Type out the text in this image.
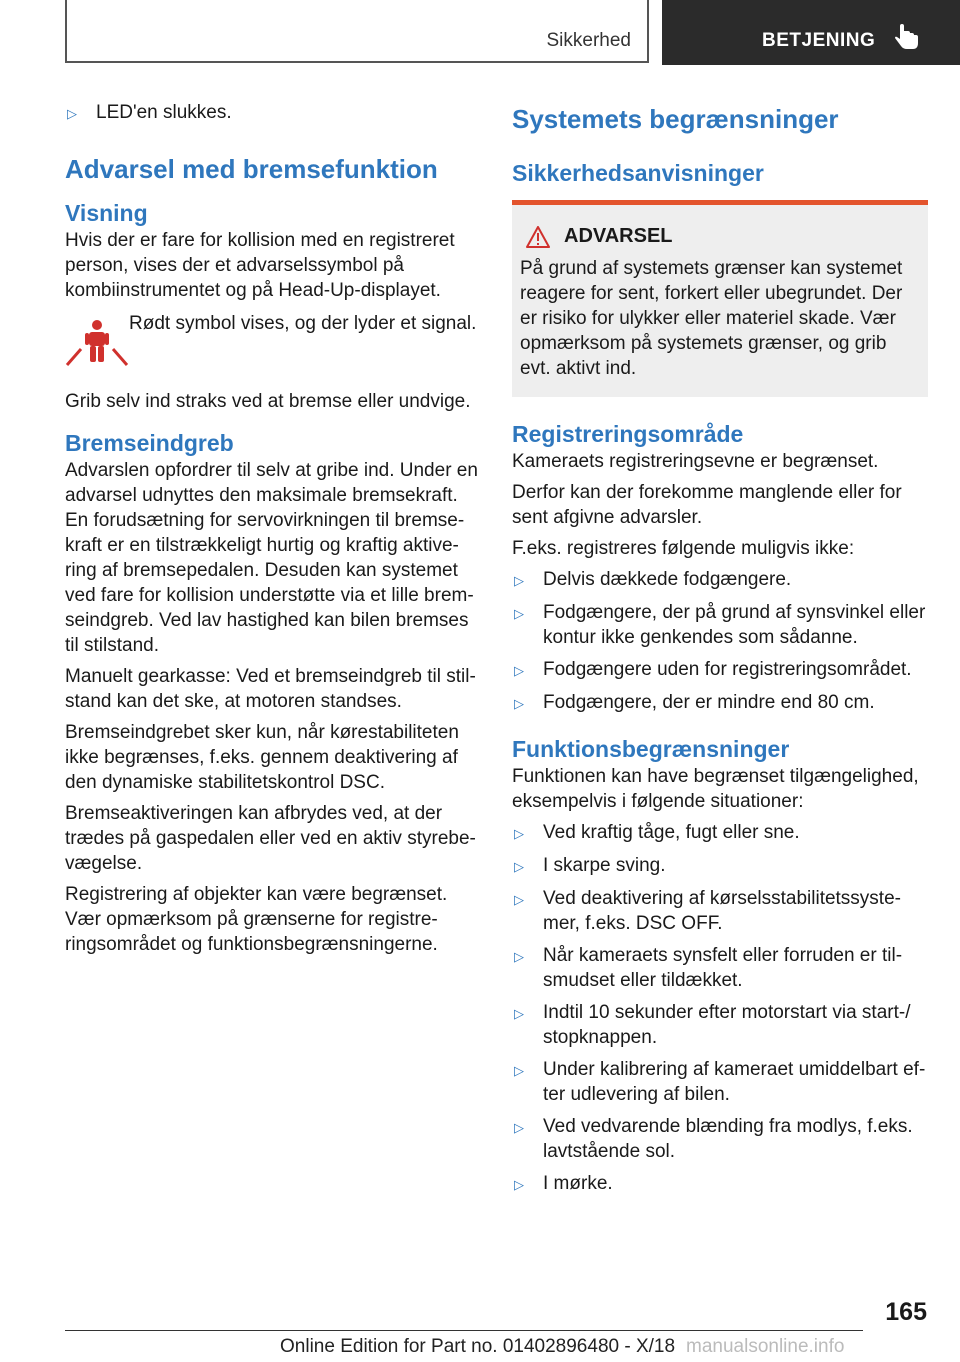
Sikkerhed	BETJENING
▷	LED'en slukkes.
Advarsel med bremsefunktion
Visning

Hvis der er fare for kollision med en registreret person, vises der et advarselssymbol på kombiinstrumentet og på Head-Up-displayet.

Rødt symbol vises, og der lyder et signal.

Grib selv ind straks ved at bremse eller undvige.

Bremseindgreb

Advarslen opfordrer til selv at gribe ind. Under en advarsel udnyttes den maksimale bremsekraft. En forudsætning for servovirkningen til bremsekraft er en tilstrækkeligt hurtig og kraftig aktivering af bremsepedalen. Desuden kan systemet ved fare for kollision understøtte via et lille bremseindgreb. Ved lav hastighed kan bilen bremses til stilstand.

Manuelt gearkasse: Ved et bremseindgreb til stilstand kan det ske, at motoren standses.

Bremseindgrebet sker kun, når kørestabiliteten ikke begrænses, f.eks. gennem deaktivering af den dynamiske stabilitetskontrol DSC.

Bremseaktiveringen kan afbrydes ved, at der trædes på gaspedalen eller ved en aktiv styrebevægelse.

Registrering af objekter kan være begrænset. Vær opmærksom på grænserne for registreringsområdet og funktionsbegrænsningerne.

Systemets begrænsninger
Sikkerhedsanvisninger
ADVARSEL

På grund af systemets grænser kan systemet reagere for sent, forkert eller ubegrundet. Der er risiko for ulykker eller materiel skade. Vær opmærksom på systemets grænser, og grib evt. aktivt ind.

Registreringsområde

Kameraets registreringsevne er begrænset.

Derfor kan der forekomme manglende eller for sent afgivne advarsler.

F.eks. registreres følgende muligvis ikke:

▷	Delvis dækkede fodgængere.
▷	Fodgængere, der på grund af synsvinkel eller kontur ikke genkendes som sådanne.
▷	Fodgængere uden for registreringsområdet.
▷	Fodgængere, der er mindre end 80 cm.
Funktionsbegrænsninger

Funktionen kan have begrænset tilgængelighed, eksempelvis i følgende situationer:

▷	Ved kraftig tåge, fugt eller sne.
▷	I skarpe sving.
▷	Ved deaktivering af kørselsstabilitetssystemer, f.eks. DSC OFF.
▷	Når kameraets synsfelt eller forruden er tilsmudset eller tildækket.
▷	Indtil 10 sekunder efter motorstart via start-/ stopknappen.
▷	Under kalibrering af kameraet umiddelbart efter udlevering af bilen.
▷	Ved vedvarende blænding fra modlys, f.eks. lavtstående sol.
▷	I mørke.
165
Online Edition for Part no. 01402896480 - X/18 manualsonline.info
